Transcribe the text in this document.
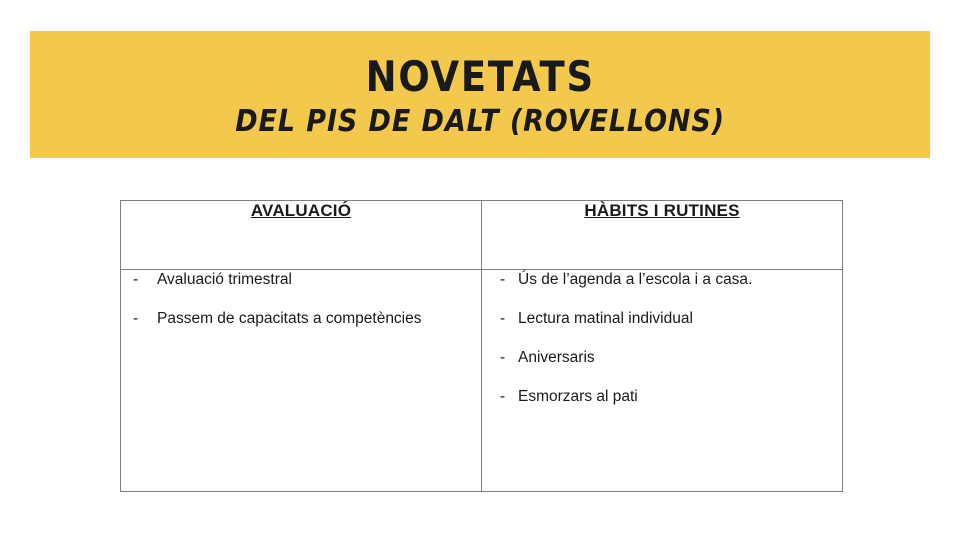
NOVETATS
DEL PIS DE DALT (ROVELLONS)
AVALUACIÓ	HÀBITS I RUTINES

-	Avaluació trimestral
-	Passem de capacitats a competències

- Ús de l’agenda a l’escola i a casa.
- Lectura matinal individual
- Aniversaris
- Esmorzars al pati
